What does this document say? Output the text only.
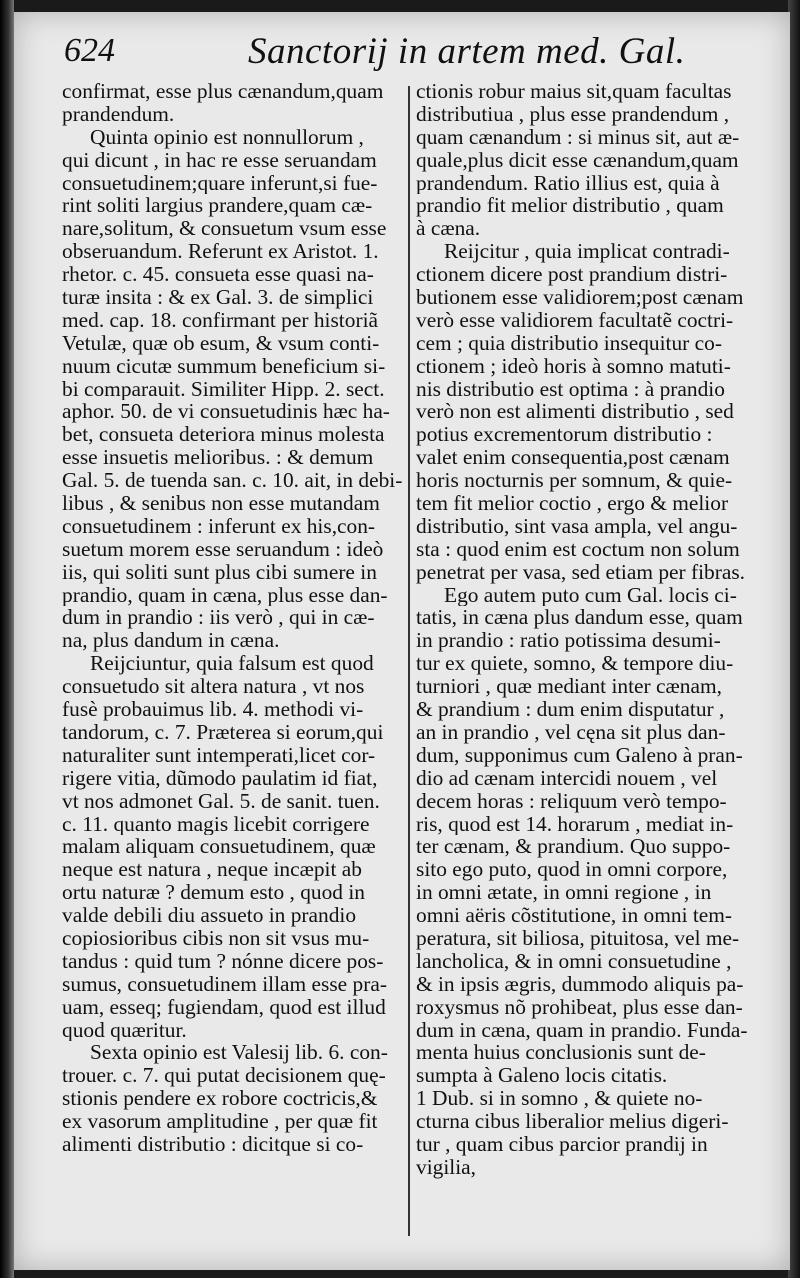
624	Sanctorij in artem med. Gal.
confirmat, esse plus cænandum,quam
prandendum.
Quinta opinio est nonnullorum ,
qui dicunt , in hac re esse seruandam
consuetudinem;quare inferunt,si fue-
rint soliti largius prandere,quam cæ-
nare,solitum, & consuetum vsum esse
obseruandum. Referunt ex Aristot. 1.
rhetor. c. 45. consueta esse quasi na-
turæ insita : & ex Gal. 3. de simplici
med. cap. 18. confirmant per historiã
Vetulæ, quæ ob esum, & vsum conti-
nuum cicutæ summum beneficium si-
bi comparauit. Similiter Hipp. 2. sect.
aphor. 50. de vi consuetudinis hæc ha-
bet, consueta deteriora minus molesta
esse insuetis melioribus. : & demum
Gal. 5. de tuenda san. c. 10. ait, in debi-
libus , & senibus non esse mutandam
consuetudinem : inferunt ex his,con-
suetum morem esse seruandum : ideò
iis, qui soliti sunt plus cibi sumere in
prandio, quam in cæna, plus esse dan-
dum in prandio : iis verò , qui in cæ-
na, plus dandum in cæna.
Reijciuntur, quia falsum est quod
consuetudo sit altera natura , vt nos
fusè probauimus lib. 4. methodi vi-
tandorum, c. 7. Præterea si eorum,qui
naturaliter sunt intemperati,licet cor-
rigere vitia, dũmodo paulatim id fiat,
vt nos admonet Gal. 5. de sanit. tuen.
c. 11. quanto magis licebit corrigere
malam aliquam consuetudinem, quæ
neque est natura , neque incæpit ab
ortu naturæ ? demum esto , quod in
valde debili diu assueto in prandio
copiosioribus cibis non sit vsus mu-
tandus : quid tum ? nónne dicere pos-
sumus, consuetudinem illam esse pra-
uam, esseq; fugiendam, quod est illud
quod quæritur.
Sexta opinio est Valesij lib. 6. con-
trouer. c. 7. qui putat decisionem quę-
stionis pendere ex robore coctricis,&
ex vasorum amplitudine , per quæ fit
alimenti distributio : dicitque si co-
ctionis robur maius sit,quam facultas
distributiua , plus esse prandendum ,
quam cænandum : si minus sit, aut æ-
quale,plus dicit esse cænandum,quam
prandendum. Ratio illius est, quia à
prandio fit melior distributio , quam
à cæna.
Reijcitur , quia implicat contradi-
ctionem dicere post prandium distri-
butionem esse validiorem;post cænam
verò esse validiorem facultatẽ coctri-
cem ; quia distributio insequitur co-
ctionem ; ideò horis à somno matuti-
nis distributio est optima : à prandio
verò non est alimenti distributio , sed
potius excrementorum distributio :
valet enim consequentia,post cænam
horis nocturnis per somnum, & quie-
tem fit melior coctio , ergo & melior
distributio, sint vasa ampla, vel angu-
sta : quod enim est coctum non solum
penetrat per vasa, sed etiam per fibras.
Ego autem puto cum Gal. locis ci-
tatis, in cæna plus dandum esse, quam
in prandio : ratio potissima desumi-
tur ex quiete, somno, & tempore diu-
turniori , quæ mediant inter cænam,
& prandium : dum enim disputatur ,
an in prandio , vel cęna sit plus dan-
dum, supponimus cum Galeno à pran-
dio ad cænam intercidi nouem , vel
decem horas : reliquum verò tempo-
ris, quod est 14. horarum , mediat in-
ter cænam, & prandium. Quo suppo-
sito ego puto, quod in omni corpore,
in omni ætate, in omni regione , in
omni aëris cõstitutione, in omni tem-
peratura, sit biliosa, pituitosa, vel me-
lancholica, & in omni consuetudine ,
& in ipsis ægris, dummodo aliquis pa-
roxysmus nõ prohibeat, plus esse dan-
dum in cæna, quam in prandio. Funda-
menta huius conclusionis sunt de-
sumpta à Galeno locis citatis.
1 Dub. si in somno , & quiete no-
cturna cibus liberalior melius digeri-
tur , quam cibus parcior prandij in
vigilia,
